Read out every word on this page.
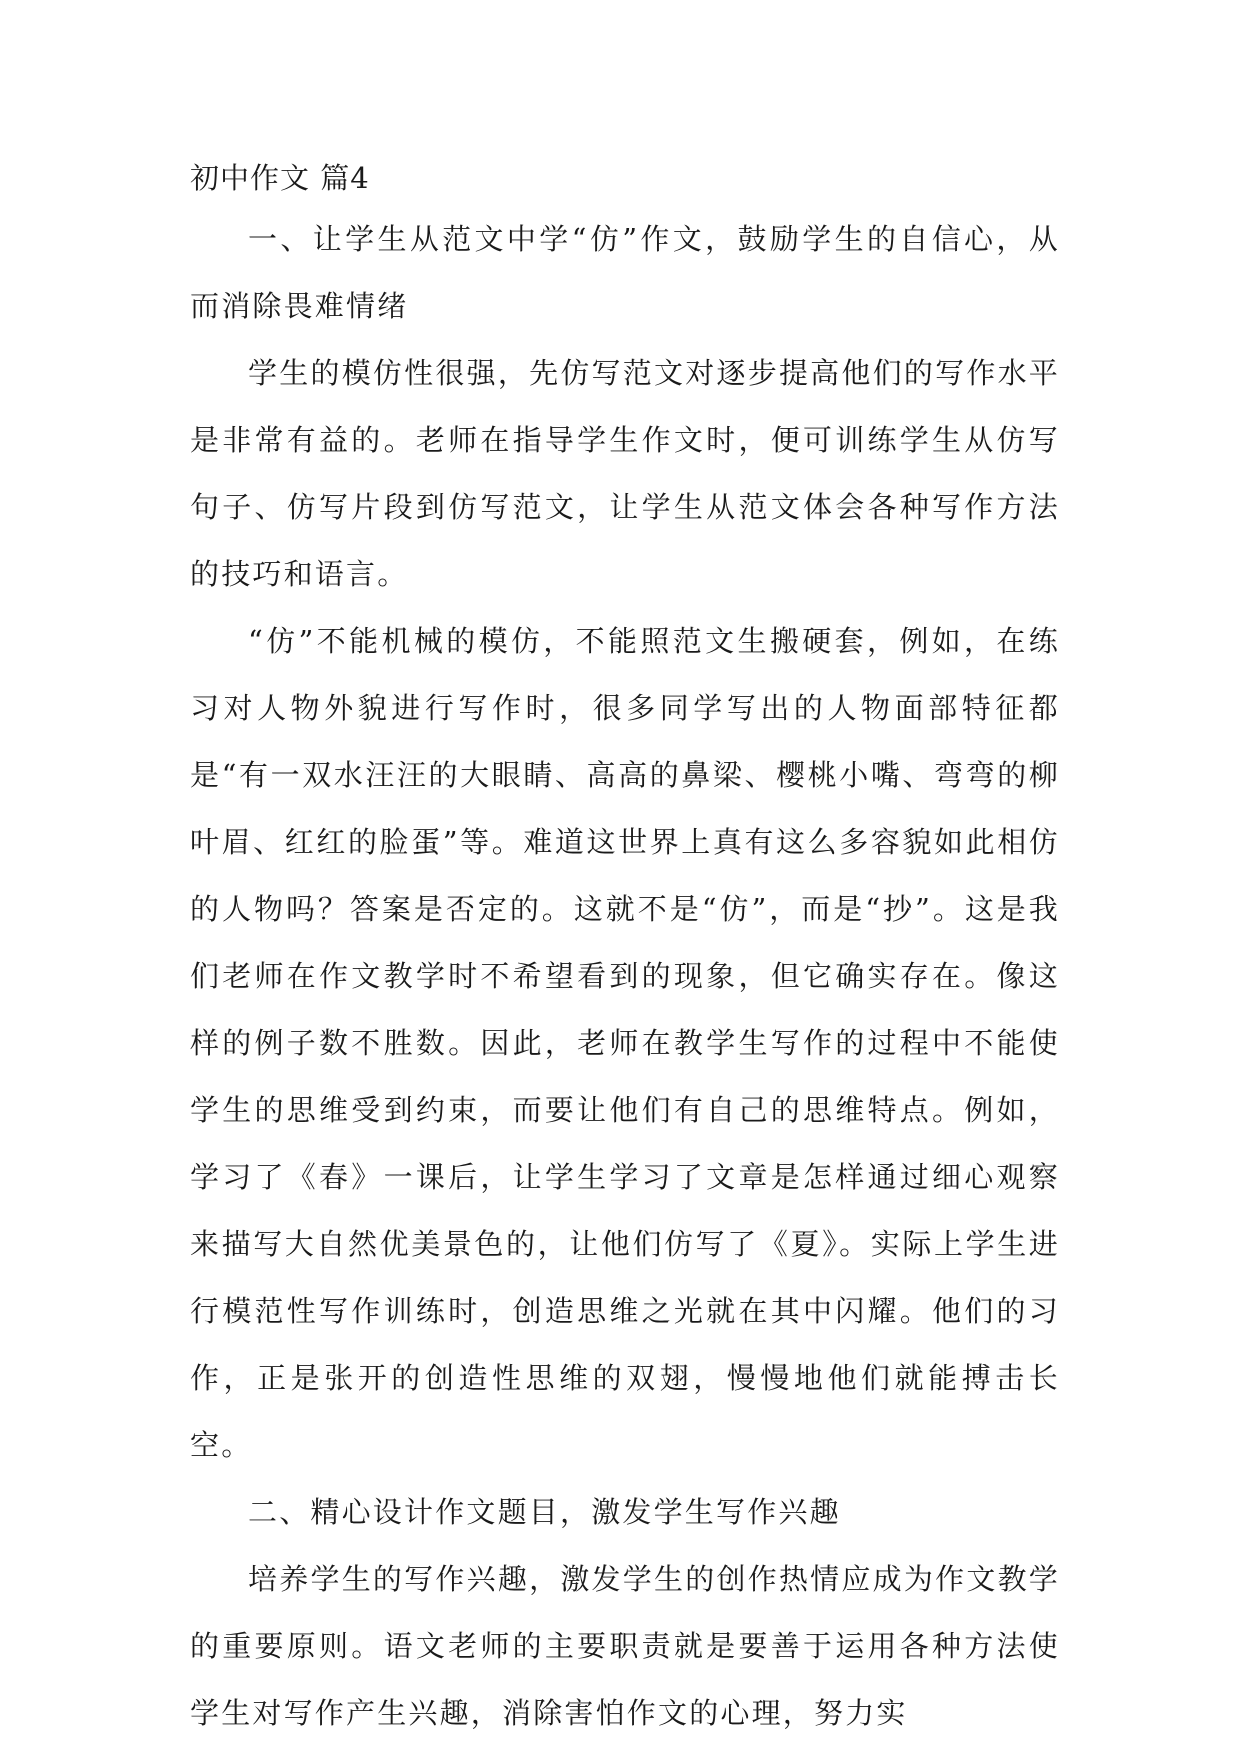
初中作文 篇4

一、让学生从范文中学“仿”作文，鼓励学生的自信心，从而消除畏难情绪

学生的模仿性很强，先仿写范文对逐步提高他们的写作水平是非常有益的。老师在指导学生作文时，便可训练学生从仿写句子、仿写片段到仿写范文，让学生从范文体会各种写作方法的技巧和语言。

“仿”不能机械的模仿，不能照范文生搬硬套，例如，在练习对人物外貌进行写作时，很多同学写出的人物面部特征都是“有一双水汪汪的大眼睛、高高的鼻梁、樱桃小嘴、弯弯的柳叶眉、红红的脸蛋”等。难道这世界上真有这么多容貌如此相仿的人物吗？答案是否定的。这就不是“仿”，而是“抄”。这是我们老师在作文教学时不希望看到的现象，但它确实存在。像这样的例子数不胜数。因此，老师在教学生写作的过程中不能使学生的思维受到约束，而要让他们有自己的思维特点。例如，学习了《春》一课后，让学生学习了文章是怎样通过细心观察来描写大自然优美景色的，让他们仿写了《夏》。实际上学生进行模范性写作训练时，创造思维之光就在其中闪耀。他们的习作，正是张开的创造性思维的双翅，慢慢地他们就能搏击长空。

二、精心设计作文题目，激发学生写作兴趣

培养学生的写作兴趣，激发学生的创作热情应成为作文教学的重要原则。语文老师的主要职责就是要善于运用各种方法使学生对写作产生兴趣，消除害怕作文的心理，努力实
